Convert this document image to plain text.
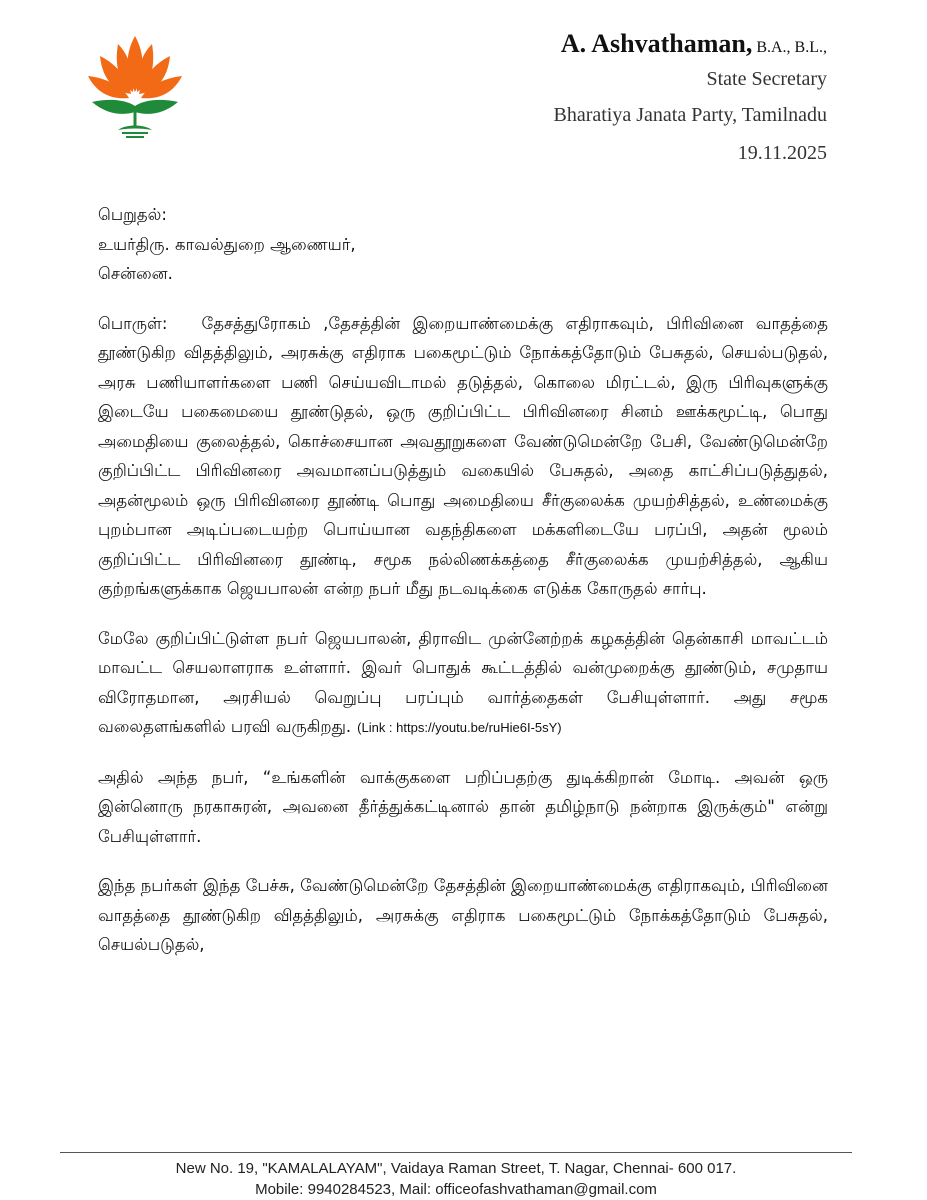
A. Ashvathaman, B.A., B.L.,
State Secretary
Bharatiya Janata Party, Tamilnadu
19.11.2025

பெறுதல்:

உயர்திரு. காவல்துறை ஆணையர்,

சென்னை.

பொருள்: தேசத்துரோகம் ,தேசத்தின் இறையாண்மைக்கு எதிராகவும், பிரிவினை வாதத்தை தூண்டுகிற விதத்திலும், அரசுக்கு எதிராக பகைமூட்டும் நோக்கத்தோடும் பேசுதல், செயல்படுதல், அரசு பணியாளர்களை பணி செய்யவிடாமல் தடுத்தல், கொலை மிரட்டல், இரு பிரிவுகளுக்கு இடையே பகைமையை தூண்டுதல், ஒரு குறிப்பிட்ட பிரிவினரை சினம் ஊக்கமூட்டி, பொது அமைதியை குலைத்தல், கொச்சையான அவதூறுகளை வேண்டுமென்றே பேசி, வேண்டுமென்றே குறிப்பிட்ட பிரிவினரை அவமானப்படுத்தும் வகையில் பேசுதல், அதை காட்சிப்படுத்துதல், அதன்மூலம் ஒரு பிரிவினரை தூண்டி பொது அமைதியை சீர்குலைக்க முயற்சித்தல், உண்மைக்கு புறம்பான அடிப்படையற்ற பொய்யான வதந்திகளை மக்களிடையே பரப்பி, அதன் மூலம் குறிப்பிட்ட பிரிவினரை தூண்டி, சமூக நல்லிணக்கத்தை சீர்குலைக்க முயற்சித்தல், ஆகிய குற்றங்களுக்காக ஜெயபாலன் என்ற நபர் மீது நடவடிக்கை எடுக்க கோருதல் சார்பு.

மேலே குறிப்பிட்டுள்ள நபர் ஜெயபாலன், திராவிட முன்னேற்றக் கழகத்தின் தென்காசி மாவட்டம் மாவட்ட செயலாளராக உள்ளார். இவர் பொதுக் கூட்டத்தில் வன்முறைக்கு தூண்டும், சமுதாய விரோதமான, அரசியல் வெறுப்பு பரப்பும் வார்த்தைகள் பேசியுள்ளார். அது சமூக வலைதளங்களில் பரவி வருகிறது. (Link : https://youtu.be/ruHie6I-5sY)

அதில் அந்த நபர், “உங்களின் வாக்குகளை பறிப்பதற்கு துடிக்கிறான் மோடி. அவன் ஒரு இன்னொரு நரகாசுரன், அவனை தீர்த்துக்கட்டினால் தான் தமிழ்நாடு நன்றாக இருக்கும்" என்று பேசியுள்ளார்.

இந்த நபர்கள் இந்த பேச்சு, வேண்டுமென்றே தேசத்தின் இறையாண்மைக்கு எதிராகவும், பிரிவினை வாதத்தை தூண்டுகிற விதத்திலும், அரசுக்கு எதிராக பகைமூட்டும் நோக்கத்தோடும் பேசுதல், செயல்படுதல்,

New No. 19, "KAMALALAYAM", Vaidaya Raman Street, T. Nagar, Chennai- 600 017.

Mobile: 9940284523, Mail: officeofashvathaman@gmail.com
